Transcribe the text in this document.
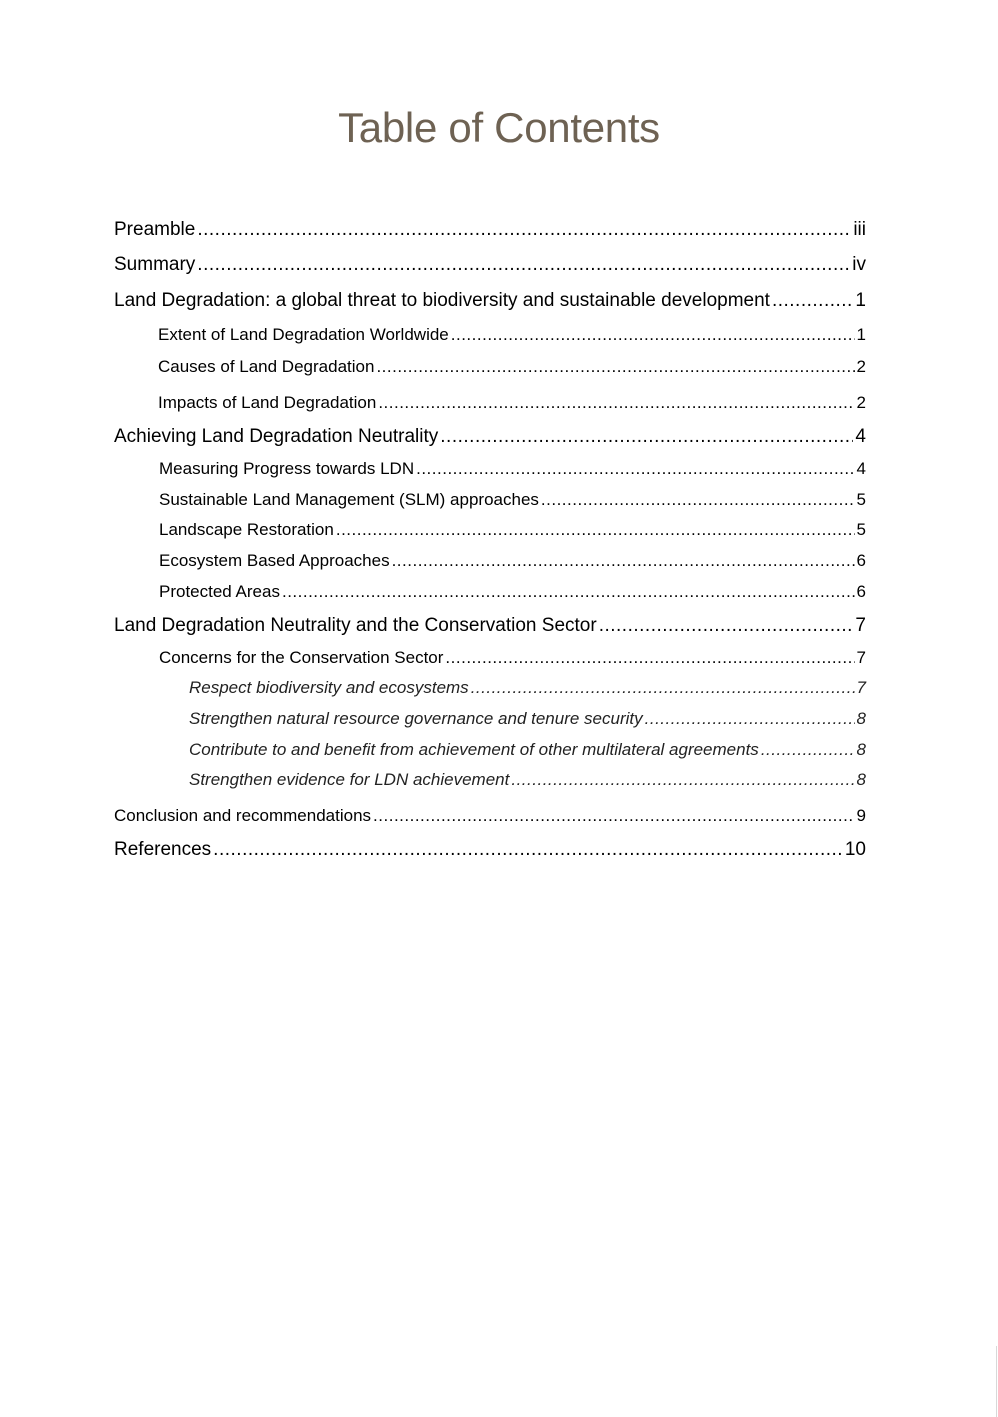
Table of Contents
Preamble
.....	iii
Summary
.....	iv
Land Degradation: a global threat to biodiversity and sustainable development
.....	1
Extent of Land Degradation Worldwide
.....	1
Causes of Land Degradation
.....	2
Impacts of Land Degradation
.....	2
Achieving Land Degradation Neutrality
.....	4
Measuring Progress towards LDN
.....	4
Sustainable Land Management (SLM) approaches
.....	5
Landscape Restoration
.....	5
Ecosystem Based Approaches
.....	6
Protected Areas
.....	6
Land Degradation Neutrality and the Conservation Sector
.....	7
Concerns for the Conservation Sector
.....	7
Respect biodiversity and ecosystems
.....	7
Strengthen natural resource governance and tenure security
.....	8
Contribute to and benefit from achievement of other multilateral agreements
.....	8
Strengthen evidence for LDN achievement
.....	8
Conclusion and recommendations
.....	9
References
.....	10
